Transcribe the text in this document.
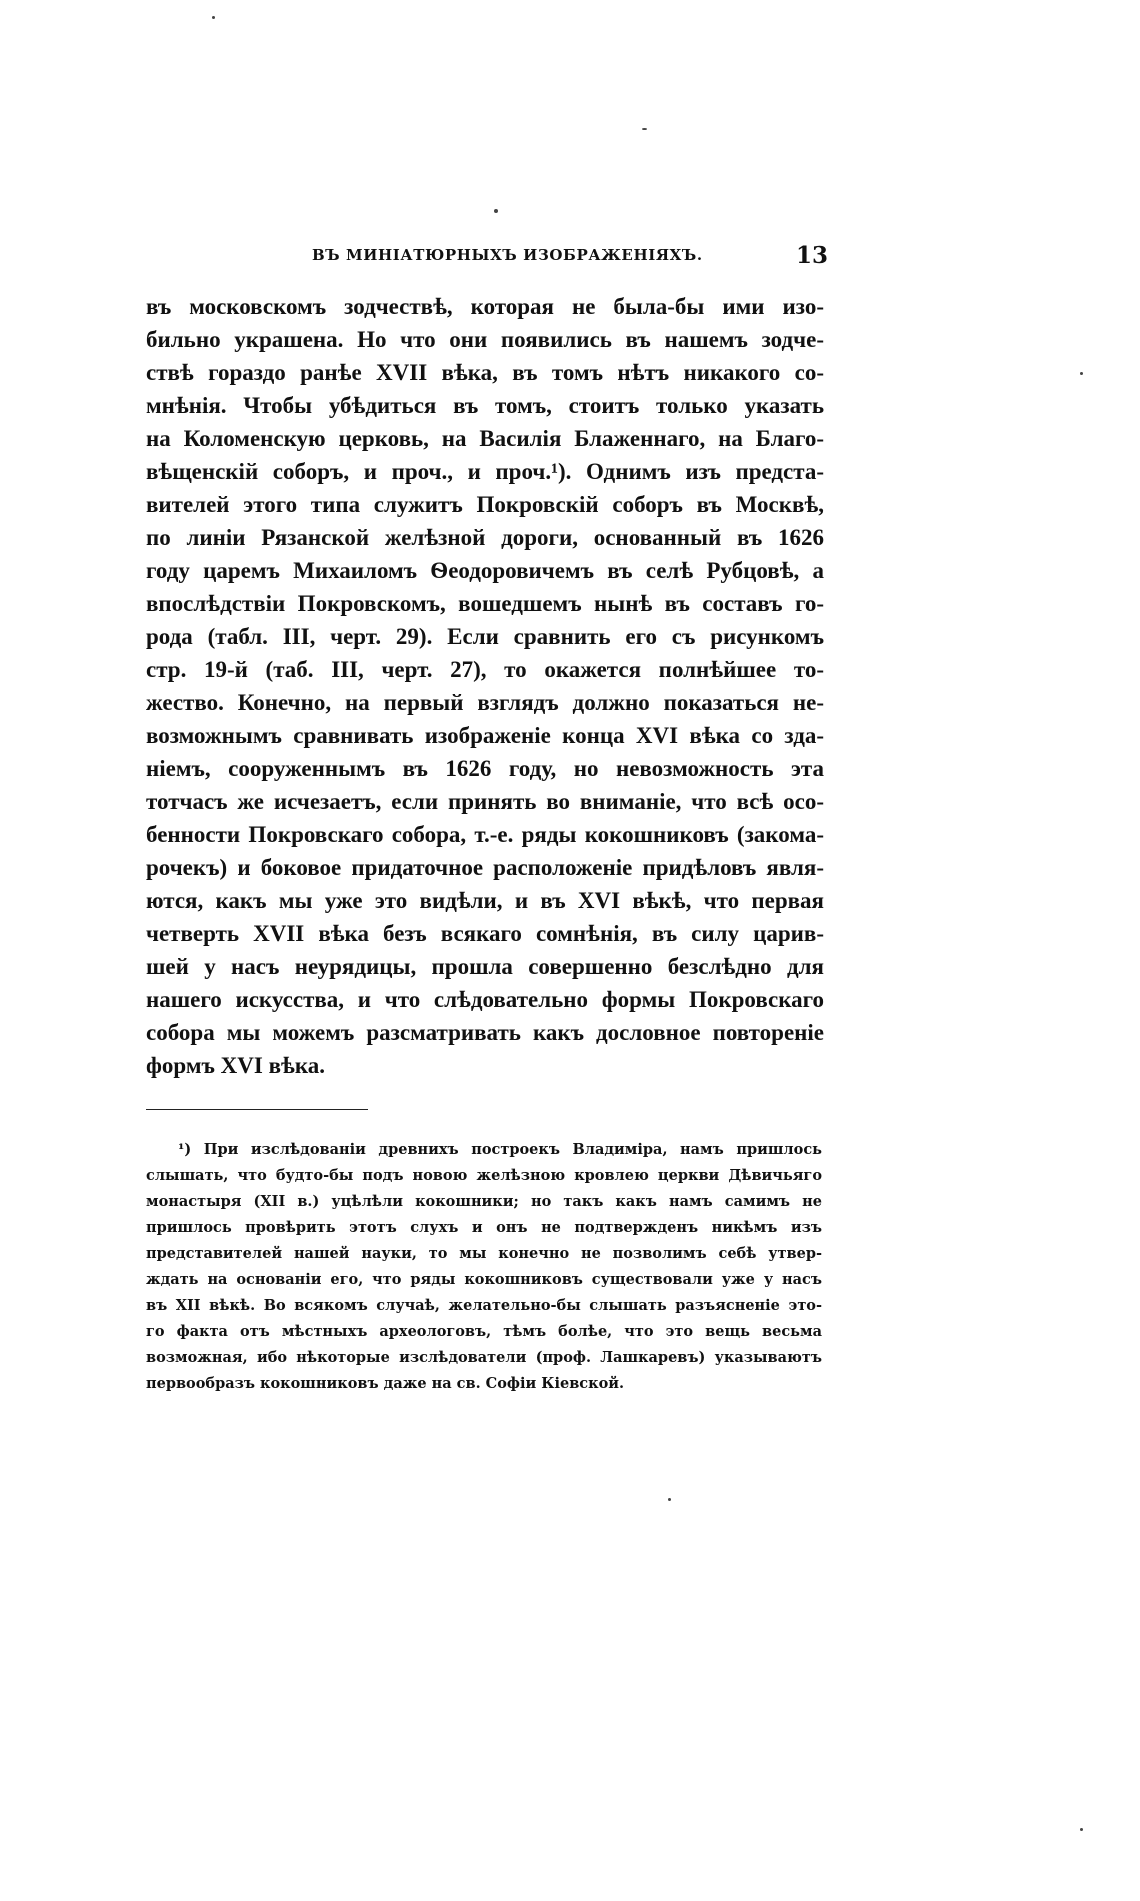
ВЪ МИНІАТЮРНЫХЪ ИЗОБРАЖЕНІЯХЪ.	13
въ московскомъ зодчествѣ, которая не была-бы ими изо-
бильно украшена. Но что они появились въ нашемъ зодче-
ствѣ гораздо ранѣе XVII вѣка, въ томъ нѣтъ никакого со-
мнѣнія. Чтобы убѣдиться въ томъ, стоитъ только указать
на Коломенскую церковь, на Василія Блаженнаго, на Благо-
вѣщенскій соборъ, и проч., и проч.¹). Однимъ изъ предста-
вителей этого типа служитъ Покровскій соборъ въ Москвѣ,
по линіи Рязанской желѣзной дороги, основанный въ 1626
году царемъ Михаиломъ Ѳеодоровичемъ въ селѣ Рубцовѣ, а
впослѣдствіи Покровскомъ, вошедшемъ нынѣ въ составъ го-
рода (табл. III, черт. 29). Если сравнить его съ рисункомъ
стр. 19-й (таб. III, черт. 27), то окажется полнѣйшее то-
жество. Конечно, на первый взглядъ должно показаться не-
возможнымъ сравнивать изображеніе конца XVI вѣка со зда-
ніемъ, сооруженнымъ въ 1626 году, но невозможность эта
тотчасъ же исчезаетъ, если принять во вниманіе, что всѣ осо-
бенности Покровскаго собора, т.-е. ряды кокошниковъ (закома-
рочекъ) и боковое придаточное расположеніе придѣловъ явля-
ются, какъ мы уже это видѣли, и въ XVI вѣкѣ, что первая
четверть XVII вѣка безъ всякаго сомнѣнія, въ силу царив-
шей у насъ неурядицы, прошла совершенно безслѣдно для
нашего искусства, и что слѣдовательно формы Покровскаго
собора мы можемъ разсматривать какъ дословное повтореніе
формъ XVI вѣка.
¹) При изслѣдованіи древнихъ построекъ Владиміра, намъ пришлось
слышать, что будто-бы подъ новою желѣзною кровлею церкви Дѣвичьяго
монастыря (XII в.) уцѣлѣли кокошники; но такъ какъ намъ самимъ не
пришлось провѣрить этотъ слухъ и онъ не подтвержденъ никѣмъ изъ
представителей нашей науки, то мы конечно не позволимъ себѣ утвер-
ждать на основаніи его, что ряды кокошниковъ существовали уже у насъ
въ XII вѣкѣ. Во всякомъ случаѣ, желательно-бы слышать разъясненіе это-
го факта отъ мѣстныхъ археологовъ, тѣмъ болѣе, что это вещь весьма
возможная, ибо нѣкоторые изслѣдователи (проф. Лашкаревъ) указываютъ
первообразъ кокошниковъ даже на св. Софіи Кіевской.
